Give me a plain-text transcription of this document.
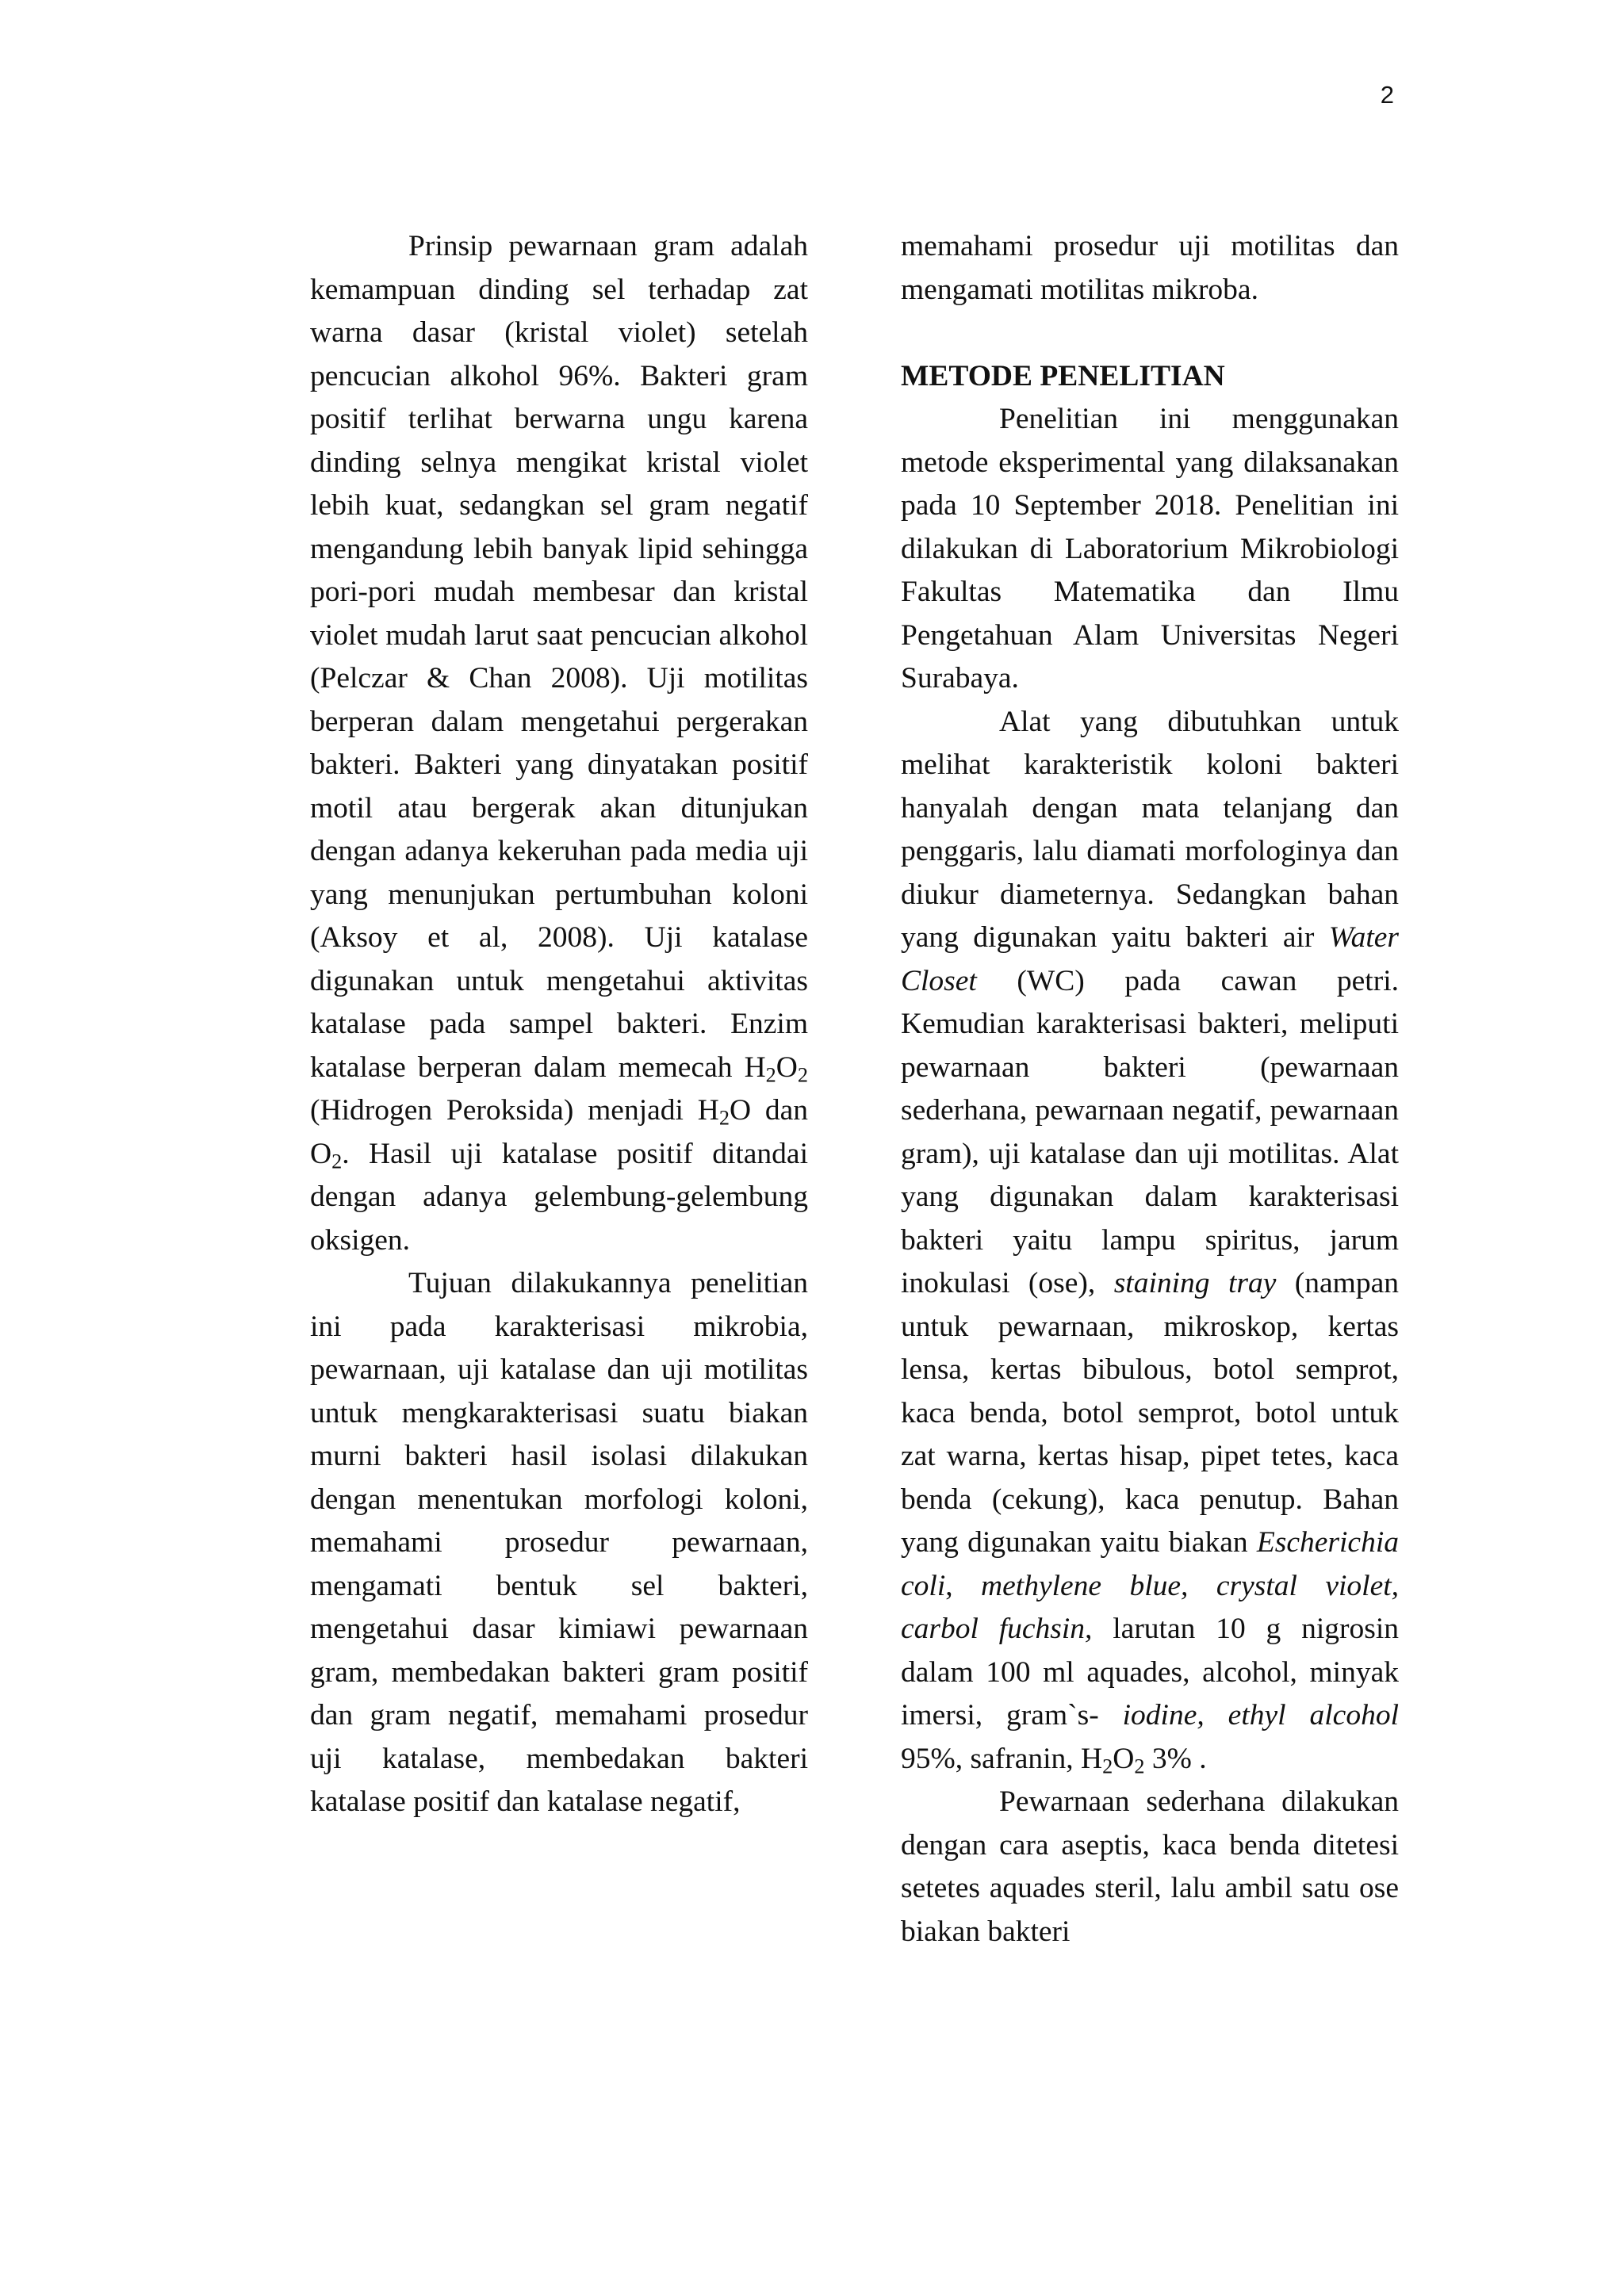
2

Prinsip pewarnaan gram adalah kemampuan dinding sel terhadap zat warna dasar (kristal violet) setelah pencucian alkohol 96%. Bakteri gram positif terlihat berwarna ungu karena dinding selnya mengikat kristal violet lebih kuat, sedangkan sel gram negatif mengandung lebih banyak lipid sehingga pori-pori mudah membesar dan kristal violet mudah larut saat pencucian alkohol (Pelczar & Chan 2008). Uji motilitas berperan dalam mengetahui pergerakan bakteri. Bakteri yang dinyatakan positif motil atau bergerak akan ditunjukan dengan adanya kekeruhan pada media uji yang menunjukan pertumbuhan koloni (Aksoy et al, 2008). Uji katalase digunakan untuk mengetahui aktivitas katalase pada sampel bakteri. Enzim katalase berperan dalam memecah $H_2O_2$ (Hidrogen Peroksida) menjadi $H_2O$ dan $O_2$. Hasil uji katalase positif ditandai dengan adanya gelembung-gelembung oksigen.

Tujuan dilakukannya penelitian ini pada karakterisasi mikrobia, pewarnaan, uji katalase dan uji motilitas untuk mengkarakterisasi suatu biakan murni bakteri hasil isolasi dilakukan dengan menentukan morfologi koloni, memahami prosedur pewarnaan, mengamati bentuk sel bakteri, mengetahui dasar kimiawi pewarnaan gram, membedakan bakteri gram positif dan gram negatif, memahami prosedur uji katalase, membedakan bakteri katalase positif dan katalase negatif,

memahami prosedur uji motilitas dan mengamati motilitas mikroba.

METODE PENELITIAN

Penelitian ini menggunakan metode eksperimental yang dilaksanakan pada 10 September 2018. Penelitian ini dilakukan di Laboratorium Mikrobiologi Fakultas Matematika dan Ilmu Pengetahuan Alam Universitas Negeri Surabaya.

Alat yang dibutuhkan untuk melihat karakteristik koloni bakteri hanyalah dengan mata telanjang dan penggaris, lalu diamati morfologinya dan diukur diameternya. Sedangkan bahan yang digunakan yaitu bakteri air Water Closet (WC) pada cawan petri. Kemudian karakterisasi bakteri, meliputi pewarnaan bakteri (pewarnaan sederhana, pewarnaan negatif, pewarnaan gram), uji katalase dan uji motilitas. Alat yang digunakan dalam karakterisasi bakteri yaitu lampu spiritus, jarum inokulasi (ose), staining tray (nampan untuk pewarnaan, mikroskop, kertas lensa, kertas bibulous, botol semprot, kaca benda, botol semprot, botol untuk zat warna, kertas hisap, pipet tetes, kaca benda (cekung), kaca penutup. Bahan yang digunakan yaitu biakan Escherichia coli, methylene blue, crystal violet, carbol fuchsin, larutan 10 g nigrosin dalam 100 ml aquades, alcohol, minyak imersi, gram`s- iodine, ethyl alcohol 95%, safranin, $H_2O_2$ 3% .

Pewarnaan sederhana dilakukan dengan cara aseptis, kaca benda ditetesi setetes aquades steril, lalu ambil satu ose biakan bakteri
